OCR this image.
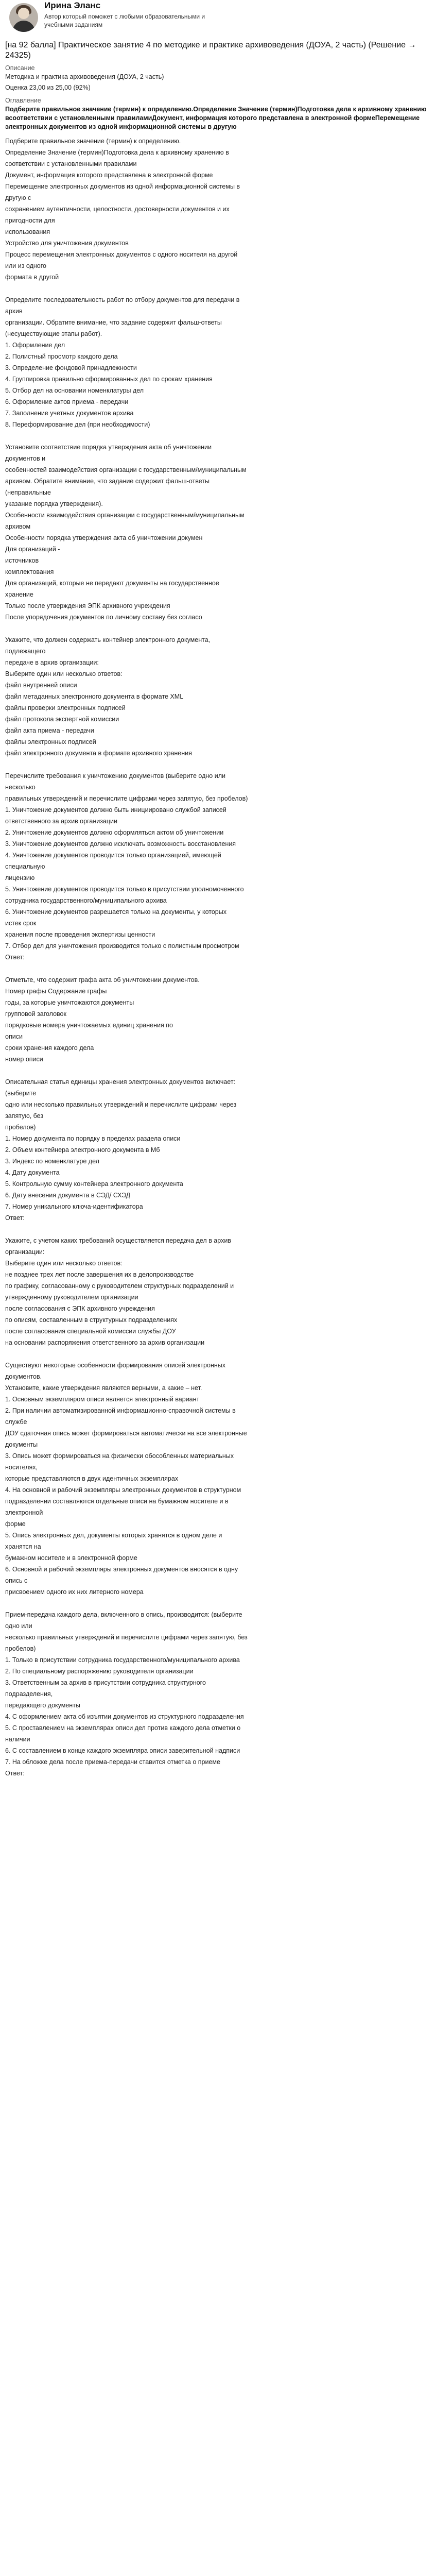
Ирина Эланс
Автор который поможет с любыми образовательными и учебными заданиям
[на 92 балла] Практическое занятие 4 по методике и практике архивоведения (ДОУА, 2 часть) (Решение → 24325)
Описание
Методика и практика архивоведения (ДОУА, 2 часть)
Оценка 23,00 из 25,00 (92%)
Оглавление
Подберите правильное значение (термин) к определению.Определение Значение (термин)Подготовка дела к архивному хранению всоответствии с установленными правиламиДокумент, информация которого представлена в электронной формеПеремещение электронных документов из одной информационной системы в другую
Подберите правильное значение (термин) к определению.
Определение Значение (термин)Подготовка дела к архивному хранению в
соответствии с установленными правилами
Документ, информация которого представлена в электронной форме
Перемещение электронных документов из одной информационной системы в
другую с
сохранением аутентичности, целостности, достоверности документов и их
пригодности для
использования
Устройство для уничтожения документов
Процесс перемещения электронных документов с одного носителя на другой
или из одного
формата в другой
Определите последовательность работ по отбору документов для передачи в
архив
организации. Обратите внимание, что задание содержит фальш-ответы
(несуществующие этапы работ).
1. Оформление дел
2. Полистный просмотр каждого дела
3. Определение фондовой принадлежности
4. Группировка правильно сформированных дел по срокам хранения
5. Отбор дел на основании номенклатуры дел
6. Оформление актов приема - передачи
7. Заполнение учетных документов архива
8. Переформирование дел (при необходимости)
Установите соответствие порядка утверждения акта об уничтожении
документов и
особенностей взаимодействия организации с государственным/муниципальным
архивом. Обратите внимание, что задание содержит фальш-ответы
(неправильные
указание порядка утверждения).
Особенности взаимодействия организации с государственным/муниципальным
архивом
Особенности порядка утверждения акта об уничтожении докумен
Для организаций -
источников
комплектования
Для организаций, которые не передают документы на государственное
хранение
Только после утверждения ЭПК архивного учреждения
После упорядочения документов по личному составу без согласо
Укажите, что должен содержать контейнер электронного документа,
подлежащего
передаче в архив организации:
Выберите один или несколько ответов:
файл внутренней описи
файл метаданных электронного документа в формате XML
файлы проверки электронных подписей
файл протокола экспертной комиссии
файл акта приема - передачи
файлы электронных подписей
файл электронного документа в формате архивного хранения
Перечислите требования к уничтожению документов (выберите одно или
несколько
правильных утверждений и перечислите цифрами через запятую, без пробелов)
1. Уничтожение документов должно быть инициировано службой записей
ответственного за архив организации
2. Уничтожение документов должно оформляться актом об уничтожении
3. Уничтожение документов должно исключать возможность восстановления
4. Уничтожение документов проводится только организацией, имеющей
специальную
лицензию
5. Уничтожение документов проводится только в присутствии уполномоченного
сотрудника государственного/муниципального архива
6. Уничтожение документов разрешается только на документы, у которых
истек срок
хранения после проведения экспертизы ценности
7. Отбор дел для уничтожения производится только с полистным просмотром
Ответ:
Отметьте, что содержит графа акта об уничтожении документов.
Номер графы Содержание графы
годы, за которые уничтожаются документы
групповой заголовок
порядковые номера уничтожаемых единиц хранения по
описи
сроки хранения каждого дела
номер описи
Описательная статья единицы хранения электронных документов включает:
(выберите
одно или несколько правильных утверждений и перечислите цифрами через
запятую, без
пробелов)
1. Номер документа по порядку в пределах раздела описи
2. Объем контейнера электронного документа в Мб
3. Индекс по номенклатуре дел
4. Дату документа
5. Контрольную сумму контейнера электронного документа
6. Дату внесения документа в СЭД/ СХЭД
7. Номер уникального ключа-идентификатора
Ответ:
Укажите, с учетом каких требований осуществляется передача дел в архив
организации:
Выберите один или несколько ответов:
не позднее трех лет после завершения их в делопроизводстве
по графику, согласованному с руководителем структурных подразделений и
утвержденному руководителем организации
после согласования с ЭПК архивного учреждения
по описям, составленным в структурных подразделениях
после согласования специальной комиссии службы ДОУ
на основании распоряжения ответственного за архив организации
Существуют некоторые особенности формирования описей электронных
документов.
Установите, какие утверждения являются верными, а какие – нет.
1. Основным экземпляром описи является электронный вариант
2. При наличии автоматизированной информационно-справочной системы в
службе
ДОУ сдаточная опись может формироваться автоматически на все электронные
документы
3. Опись может формироваться на физически обособленных материальных
носителях,
которые представляются в двух идентичных экземплярах
4. На основной и рабочий экземпляры электронных документов в структурном
подразделении составляются отдельные описи на бумажном носителе и в
электронной
форме
5. Опись электронных дел, документы которых хранятся в одном деле и
хранятся на
бумажном носителе и в электронной форме
6. Основной и рабочий экземпляры электронных документов вносятся в одну
опись с
присвоением одного их них литерного номера
Прием-передача каждого дела, включенного в опись, производится: (выберите
одно или
несколько правильных утверждений и перечислите цифрами через запятую, без
пробелов)
1. Только в присутствии сотрудника государственного/муниципального архива
2. По специальному распоряжению руководителя организации
3. Ответственным за архив в присутствии сотрудника структурного
подразделения,
передающего документы
4. С оформлением акта об изъятии документов из структурного подразделения
5. С проставлением на экземплярах описи дел против каждого дела отметки о
наличии
6. С составлением в конце каждого экземпляра описи заверительной надписи
7. На обложке дела после приема-передачи ставится отметка о приеме
Ответ:
